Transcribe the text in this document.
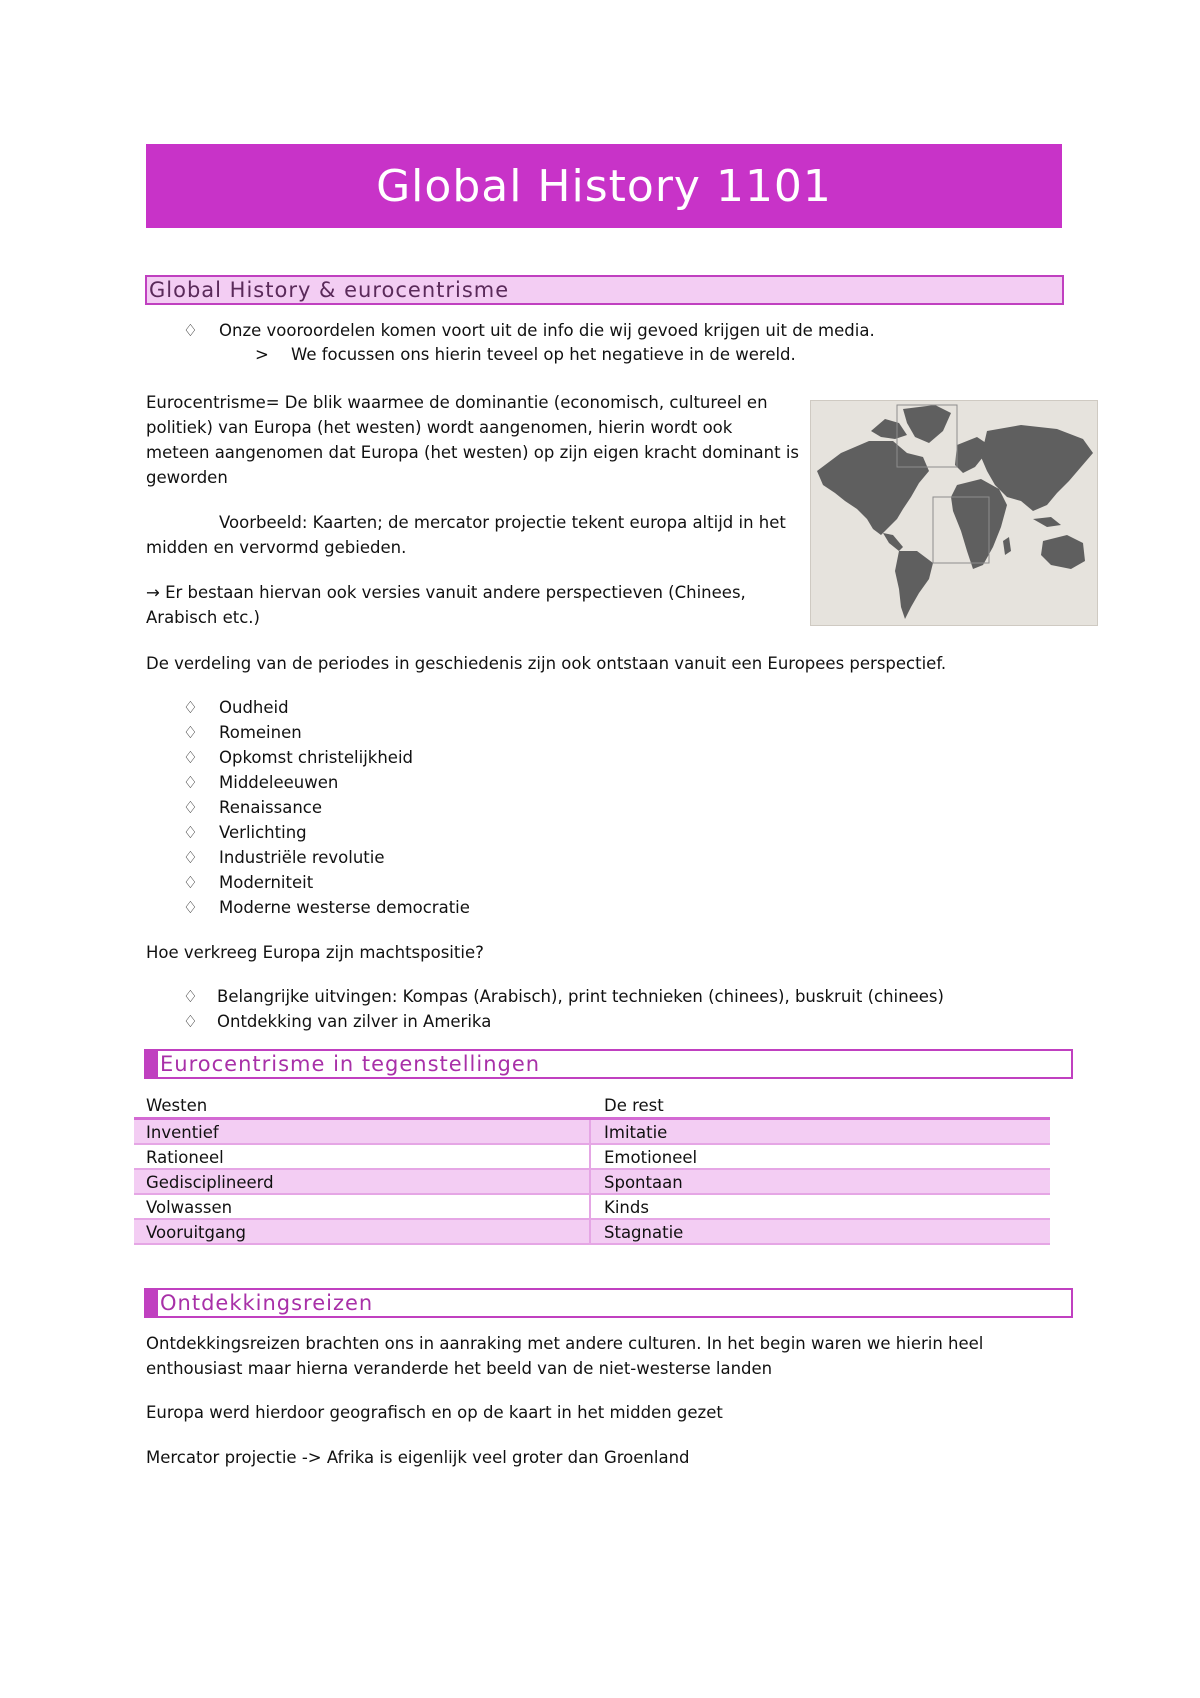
Global History 1101
Global History & eurocentrisme
♢	Onze vooroordelen komen voort uit de info die wij gevoed krijgen uit de media.
>	We focussen ons hierin teveel op het negatieve in de wereld.
Eurocentrisme= De blik waarmee de dominantie (economisch, cultureel en
politiek) van Europa (het westen) wordt aangenomen, hierin wordt ook
meteen aangenomen dat Europa (het westen) op zijn eigen kracht dominant is
geworden
Voorbeeld: Kaarten; de mercator projectie tekent europa altijd in het
midden en vervormd gebieden.
→ Er bestaan hiervan ook versies vanuit andere perspectieven (Chinees,
Arabisch etc.)
De verdeling van de periodes in geschiedenis zijn ook ontstaan vanuit een Europees perspectief.
♢	Oudheid
♢	Romeinen
♢	Opkomst christelijkheid
♢	Middeleeuwen
♢	Renaissance
♢	Verlichting
♢	Industriële revolutie
♢	Moderniteit
♢	Moderne westerse democratie
Hoe verkreeg Europa zijn machtspositie?
♢	Belangrijke uitvingen: Kompas (Arabisch), print technieken (chinees), buskruit (chinees)
♢	Ontdekking van zilver in Amerika
Eurocentrisme in tegenstellingen
Westen	De rest
Inventief	Imitatie
Rationeel	Emotioneel
Gedisciplineerd	Spontaan
Volwassen	Kinds
Vooruitgang	Stagnatie
Ontdekkingsreizen
Ontdekkingsreizen brachten ons in aanraking met andere culturen. In het begin waren we hierin heel
enthousiast maar hierna veranderde het beeld van de niet-westerse landen
Europa werd hierdoor geografisch en op de kaart in het midden gezet
Mercator projectie -> Afrika is eigenlijk veel groter dan Groenland
